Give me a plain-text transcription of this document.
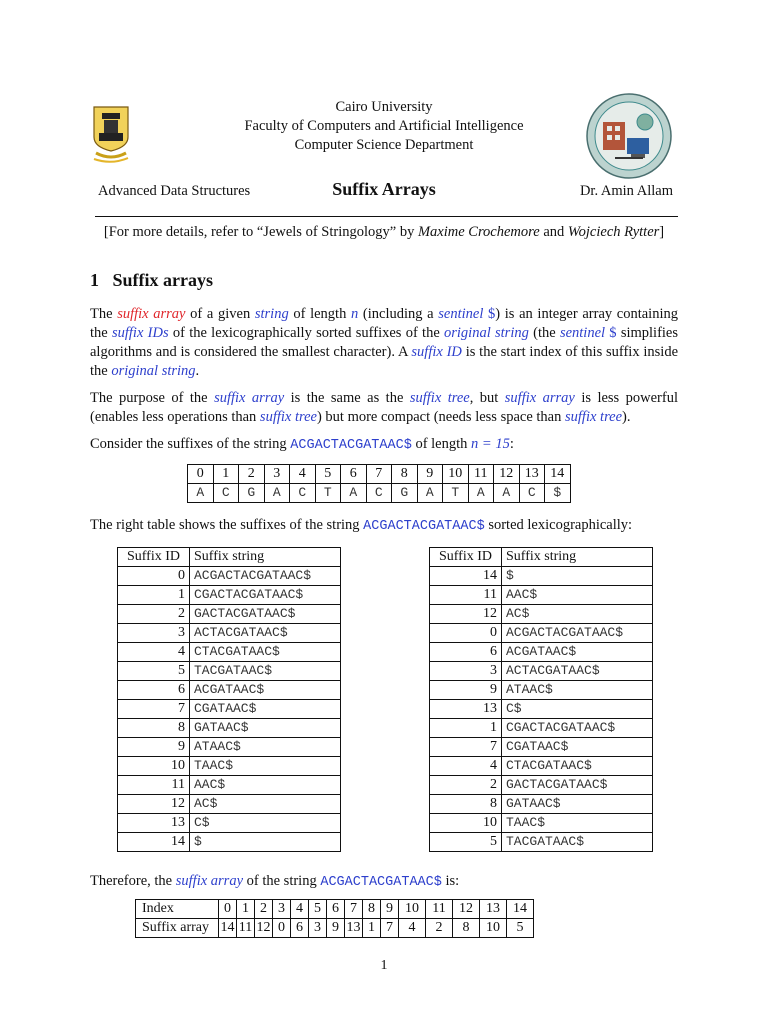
Cairo University
Faculty of Computers and Artificial Intelligence
Computer Science Department
Advanced Data Structures	Suffix Arrays	Dr. Amin Allam
[For more details, refer to “Jewels of Stringology” by Maxime Crochemore and Wojciech Rytter]
1 Suffix arrays
The suffix array of a given string of length n (including a sentinel $) is an integer array containing the suffix IDs of the lexicographically sorted suffixes of the original string (the sentinel $ simplifies algorithms and is considered the smallest character). A suffix ID is the start index of this suffix inside the original string.
The purpose of the suffix array is the same as the suffix tree, but suffix array is less powerful (enables less operations than suffix tree) but more compact (needs less space than suffix tree).
Consider the suffixes of the string ACGACTACGATAAC$ of length n = 15:
0	1	2	3	4	5	6	7	8	9	10	11	12	13	14
A	C	G	A	C	T	A	C	G	A	T	A	A	C	$
The right table shows the suffixes of the string ACGACTACGATAAC$ sorted lexicographically:
Suffix ID	Suffix string
0	ACGACTACGATAAC$
1	CGACTACGATAAC$
2	GACTACGATAAC$
3	ACTACGATAAC$
4	CTACGATAAC$
5	TACGATAAC$
6	ACGATAAC$
7	CGATAAC$
8	GATAAC$
9	ATAAC$
10	TAAC$
11	AAC$
12	AC$
13	C$
14	$
Suffix ID	Suffix string
14	$
11	AAC$
12	AC$
0	ACGACTACGATAAC$
6	ACGATAAC$
3	ACTACGATAAC$
9	ATAAC$
13	C$
1	CGACTACGATAAC$
7	CGATAAC$
4	CTACGATAAC$
2	GACTACGATAAC$
8	GATAAC$
10	TAAC$
5	TACGATAAC$
Therefore, the suffix array of the string ACGACTACGATAAC$ is:
Index	0	1	2	3	4	5	6	7	8	9	10	11	12	13	14
Suffix array	14	11	12	0	6	3	9	13	1	7	4	2	8	10	5
1
